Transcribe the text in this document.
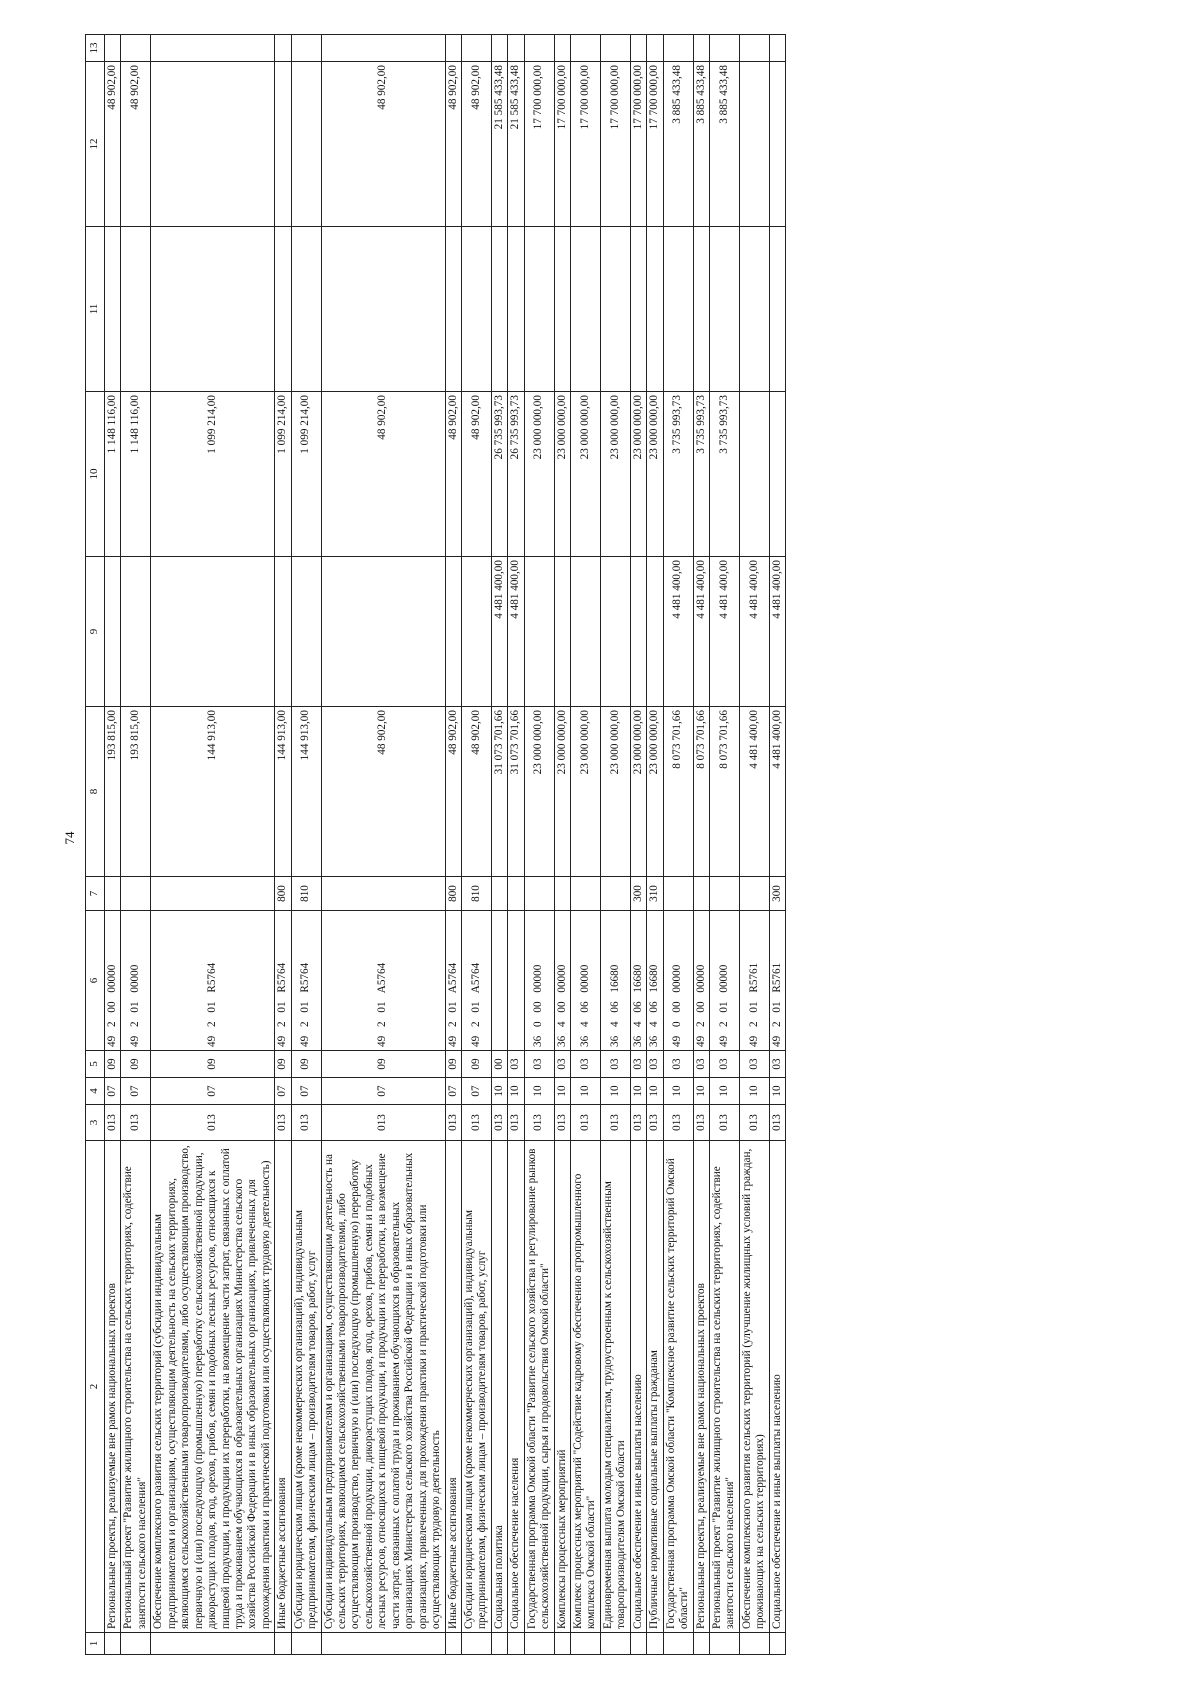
74
1	2	3	4	5	6	7	8	9	10	11	12	13
	Региональные проекты, реализуемые вне рамок национальных проектов	013	07	09	49 2 00 00000		193 815,00		1 148 116,00		48 902,00	
	Региональный проект "Развитие жилищного строительства на сельских территориях, содействие занятости сельского населения"	013	07	09	49 2 01 00000		193 815,00		1 148 116,00		48 902,00	
	Обеспечение комплексного развития сельских территорий (субсидии индивидуальным предпринимателям и организациям, осуществляющим деятельность на сельских территориях, являющимся сельскохозяйственными товаропроизводителями, либо осуществляющим производство, первичную и (или) последующую (промышленную) переработку сельскохозяйственной продукции, дикорастущих плодов, ягод, орехов, грибов, семян и подобных лесных ресурсов, относящихся к пищевой продукции, и продукции их переработки, на возмещение части затрат, связанных с оплатой труда и проживанием обучающихся в образовательных организациях Министерства сельского хозяйства Российской Федерации и в иных образовательных организациях, привлеченных для прохождения практики и практической подготовки или осуществляющих трудовую деятельность)	013	07	09	49 2 01 R5764		144 913,00		1 099 214,00			
	Иные бюджетные ассигнования	013	07	09	49 2 01 R5764	800	144 913,00		1 099 214,00			
	Субсидии юридическим лицам (кроме некоммерческих организаций), индивидуальным предпринимателям, физическим лицам – производителям товаров, работ, услуг	013	07	09	49 2 01 R5764	810	144 913,00		1 099 214,00			
	Субсидии индивидуальным предпринимателям и организациям, осуществляющим деятельность на сельских территориях, являющимся сельскохозяйственными товаропроизводителями, либо осуществляющим производство, первичную и (или) последующую (промышленную) переработку сельскохозяйственной продукции, дикорастущих плодов, ягод, орехов, грибов, семян и подобных лесных ресурсов, относящихся к пищевой продукции, и продукции их переработки, на возмещение части затрат, связанных с оплатой труда и проживанием обучающихся в образовательных организациях Министерства сельского хозяйства Российской Федерации и в иных образовательных организациях, привлеченных для прохождения практики и практической подготовки или осуществляющих трудовую деятельность	013	07	09	49 2 01 A5764		48 902,00		48 902,00		48 902,00	
	Иные бюджетные ассигнования	013	07	09	49 2 01 A5764	800	48 902,00		48 902,00		48 902,00	
	Субсидии юридическим лицам (кроме некоммерческих организаций), индивидуальным предпринимателям, физическим лицам – производителям товаров, работ, услуг	013	07	09	49 2 01 A5764	810	48 902,00		48 902,00		48 902,00	
	Социальная политика	013	10	00			31 073 701,66	4 481 400,00	26 735 993,73		21 585 433,48	
	Социальное обеспечение населения	013	10	03			31 073 701,66	4 481 400,00	26 735 993,73		21 585 433,48	
	Государственная программа Омской области "Развитие сельского хозяйства и регулирование рынков сельскохозяйственной продукции, сырья и продовольствия Омской области"	013	10	03	36 0 00 00000		23 000 000,00		23 000 000,00		17 700 000,00	
	Комплексы процессных мероприятий	013	10	03	36 4 00 00000		23 000 000,00		23 000 000,00		17 700 000,00	
	Комплекс процессных мероприятий "Содействие кадровому обеспечению агропромышленного комплекса Омской области"	013	10	03	36 4 06 00000		23 000 000,00		23 000 000,00		17 700 000,00	
	Единовременная выплата молодым специалистам, трудоустроенным к сельскохозяйственным товаропроизводителям Омской области	013	10	03	36 4 06 16680		23 000 000,00		23 000 000,00		17 700 000,00	
	Социальное обеспечение и иные выплаты населению	013	10	03	36 4 06 16680	300	23 000 000,00		23 000 000,00		17 700 000,00	
	Публичные нормативные социальные выплаты гражданам	013	10	03	36 4 06 16680	310	23 000 000,00		23 000 000,00		17 700 000,00	
	Государственная программа Омской области "Комплексное развитие сельских территорий Омской области"	013	10	03	49 0 00 00000		8 073 701,66	4 481 400,00	3 735 993,73		3 885 433,48	
	Региональные проекты, реализуемые вне рамок национальных проектов	013	10	03	49 2 00 00000		8 073 701,66	4 481 400,00	3 735 993,73		3 885 433,48	
	Региональный проект "Развитие жилищного строительства на сельских территориях, содействие занятости сельского населения"	013	10	03	49 2 01 00000		8 073 701,66	4 481 400,00	3 735 993,73		3 885 433,48	
	Обеспечение комплексного развития сельских территорий (улучшение жилищных условий граждан, проживающих на сельских территориях)	013	10	03	49 2 01 R5761		4 481 400,00	4 481 400,00				
	Социальное обеспечение и иные выплаты населению	013	10	03	49 2 01 R5761	300	4 481 400,00	4 481 400,00				
